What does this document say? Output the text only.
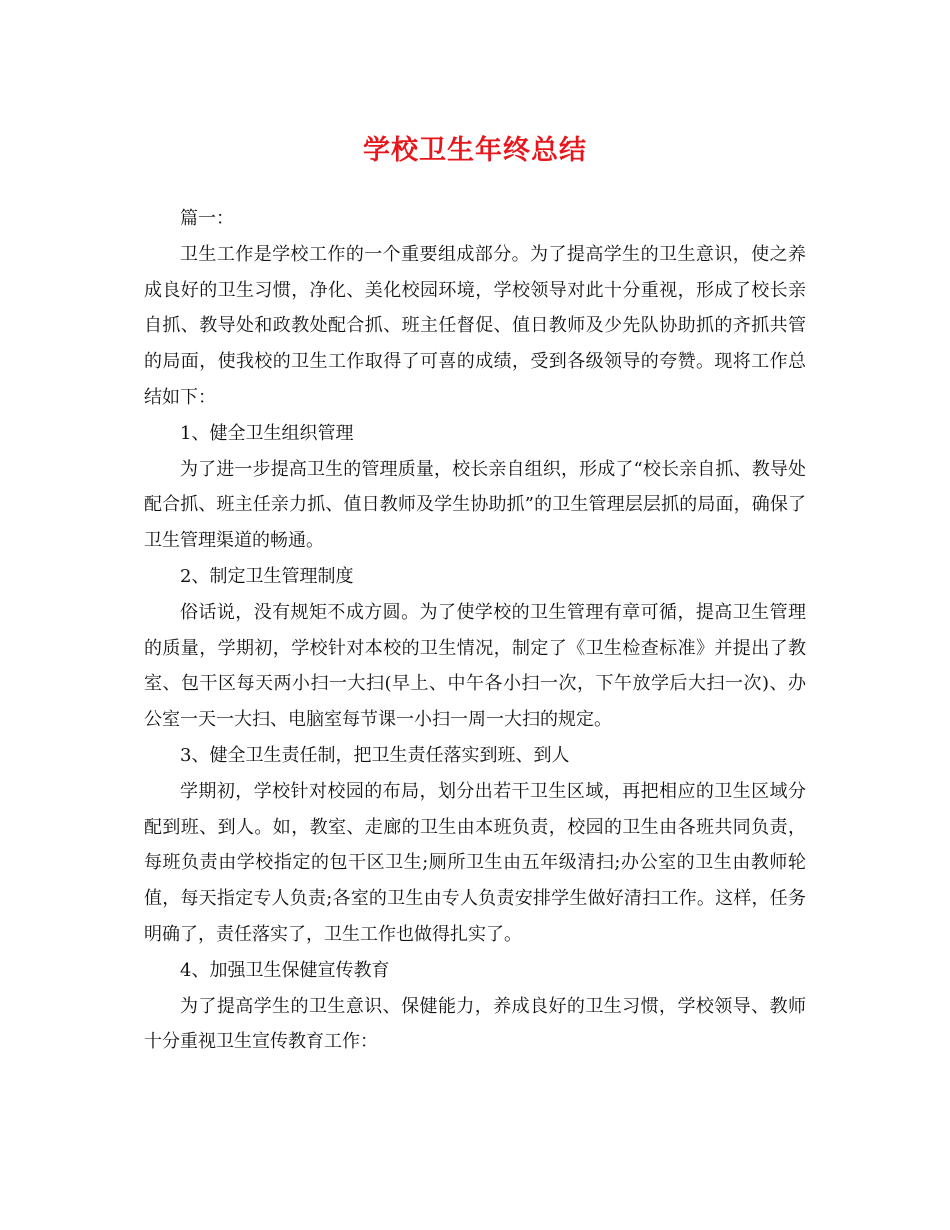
学校卫生年终总结

篇一：

卫生工作是学校工作的一个重要组成部分。为了提高学生的卫生意识，使之养成良好的卫生习惯，净化、美化校园环境，学校领导对此十分重视，形成了校长亲自抓、教导处和政教处配合抓、班主任督促、值日教师及少先队协助抓的齐抓共管的局面，使我校的卫生工作取得了可喜的成绩，受到各级领导的夸赞。现将工作总结如下：

1、健全卫生组织管理

为了进一步提高卫生的管理质量，校长亲自组织，形成了“校长亲自抓、教导处配合抓、班主任亲力抓、值日教师及学生协助抓”的卫生管理层层抓的局面，确保了卫生管理渠道的畅通。

2、制定卫生管理制度

俗话说，没有规矩不成方圆。为了使学校的卫生管理有章可循，提高卫生管理的质量，学期初，学校针对本校的卫生情况，制定了《卫生检查标准》并提出了教室、包干区每天两小扫一大扫(早上、中午各小扫一次，下午放学后大扫一次)、办公室一天一大扫、电脑室每节课一小扫一周一大扫的规定。

3、健全卫生责任制，把卫生责任落实到班、到人

学期初，学校针对校园的布局，划分出若干卫生区域，再把相应的卫生区域分配到班、到人。如，教室、走廊的卫生由本班负责，校园的卫生由各班共同负责，每班负责由学校指定的包干区卫生;厕所卫生由五年级清扫;办公室的卫生由教师轮值，每天指定专人负责;各室的卫生由专人负责安排学生做好清扫工作。这样，任务明确了，责任落实了，卫生工作也做得扎实了。

4、加强卫生保健宣传教育

为了提高学生的卫生意识、保健能力，养成良好的卫生习惯，学校领导、教师十分重视卫生宣传教育工作：
